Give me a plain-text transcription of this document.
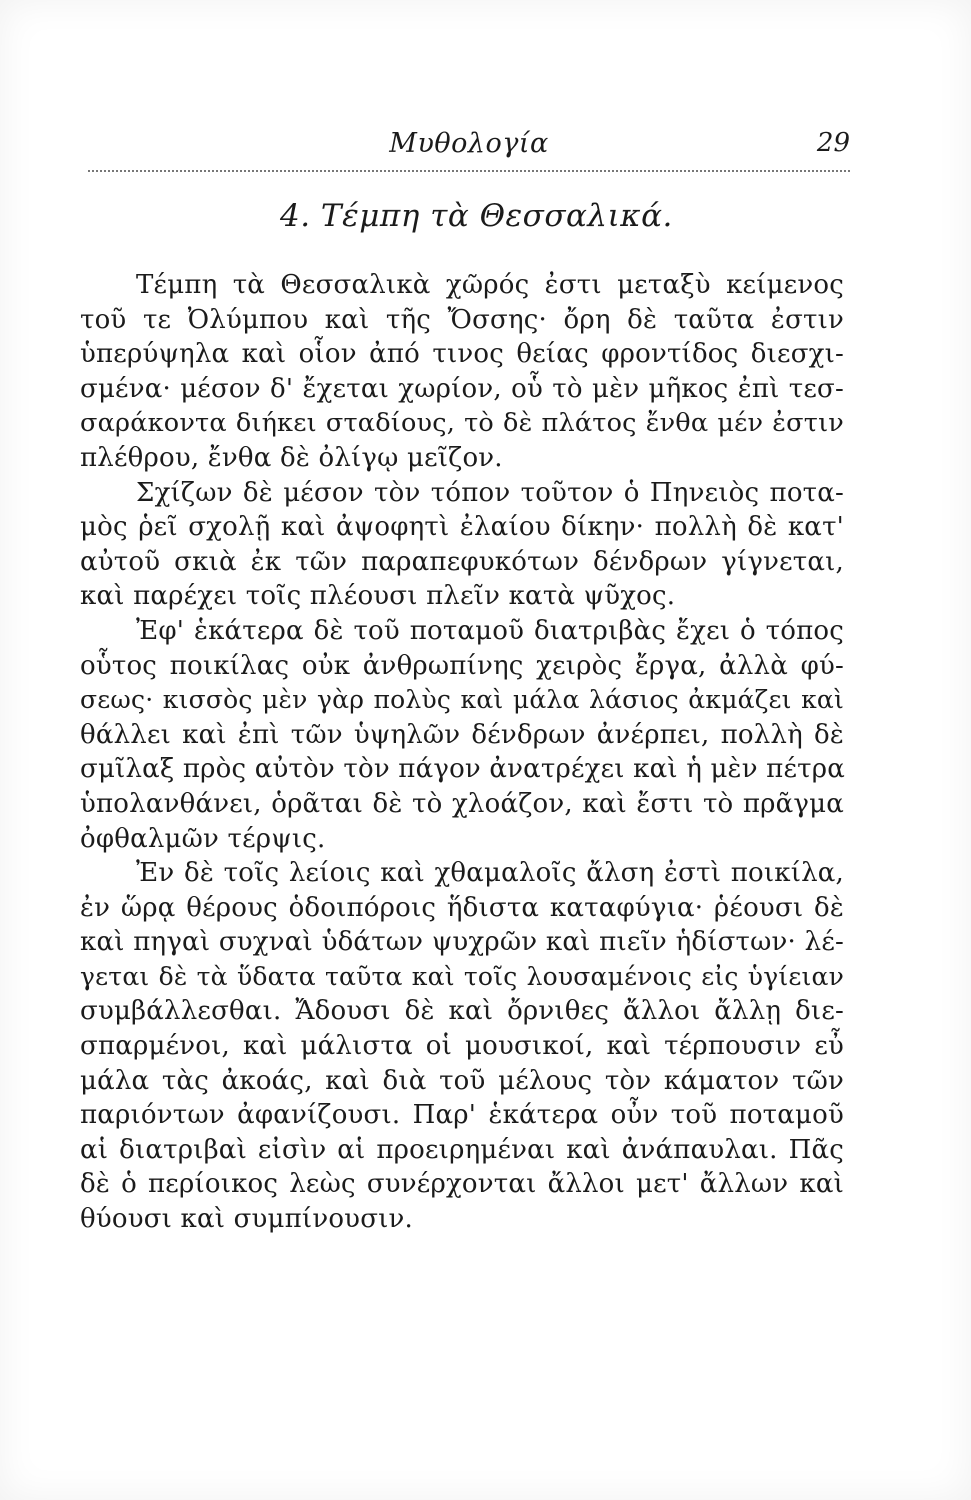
Μυθολογία	29
4. Τέμπη τὰ Θεσσαλικά.
Τέμπη τὰ Θεσσαλικὰ χῶρός ἐστι μεταξὺ κείμενος
τοῦ τε Ὀλύμπου καὶ τῆς Ὄσσης· ὄρη δὲ ταῦτα ἐστιν
ὑπερύψηλα καὶ οἷον ἀπό τινος θείας φροντίδος διεσχι-
σμένα· μέσον δ' ἔχεται χωρίον, οὗ τὸ μὲν μῆκος ἐπὶ τεσ-
σαράκοντα διήκει σταδίους, τὸ δὲ πλάτος ἔνθα μέν ἐστιν
πλέθρου, ἔνθα δὲ ὀλίγῳ μεῖζον.
Σχίζων δὲ μέσον τὸν τόπον τοῦτον ὁ Πηνειὸς ποτα-
μὸς ῥεῖ σχολῇ καὶ ἀψοφητὶ ἐλαίου δίκην· πολλὴ δὲ κατ'
αὐτοῦ σκιὰ ἐκ τῶν παραπεφυκότων δένδρων γίγνεται,
καὶ παρέχει τοῖς πλέουσι πλεῖν κατὰ ψῦχος.
Ἐφ' ἑκάτερα δὲ τοῦ ποταμοῦ διατριβὰς ἔχει ὁ τόπος
οὗτος ποικίλας οὐκ ἀνθρωπίνης χειρὸς ἔργα, ἀλλὰ φύ-
σεως· κισσὸς μὲν γὰρ πολὺς καὶ μάλα λάσιος ἀκμάζει καὶ
θάλλει καὶ ἐπὶ τῶν ὑψηλῶν δένδρων ἀνέρπει, πολλὴ δὲ
σμῖλαξ πρὸς αὐτὸν τὸν πάγον ἀνατρέχει καὶ ἡ μὲν πέτρα
ὑπολανθάνει, ὁρᾶται δὲ τὸ χλοάζον, καὶ ἔστι τὸ πρᾶγμα
ὀφθαλμῶν τέρψις.
Ἐν δὲ τοῖς λείοις καὶ χθαμαλοῖς ἄλση ἐστὶ ποικίλα,
ἐν ὥρᾳ θέρους ὁδοιπόροις ἥδιστα καταφύγια· ῥέουσι δὲ
καὶ πηγαὶ συχναὶ ὑδάτων ψυχρῶν καὶ πιεῖν ἡδίστων· λέ-
γεται δὲ τὰ ὕδατα ταῦτα καὶ τοῖς λουσαμένοις εἰς ὑγίειαν
συμβάλλεσθαι. Ἄδουσι δὲ καὶ ὄρνιθες ἄλλοι ἄλλῃ διε-
σπαρμένοι, καὶ μάλιστα οἱ μουσικοί, καὶ τέρπουσιν εὖ
μάλα τὰς ἀκοάς, καὶ διὰ τοῦ μέλους τὸν κάματον τῶν
παριόντων ἀφανίζουσι. Παρ' ἑκάτερα οὖν τοῦ ποταμοῦ
αἱ διατριβαὶ εἰσὶν αἱ προειρημέναι καὶ ἀνάπαυλαι. Πᾶς
δὲ ὁ περίοικος λεὼς συνέρχονται ἄλλοι μετ' ἄλλων καὶ
θύουσι καὶ συμπίνουσιν.
